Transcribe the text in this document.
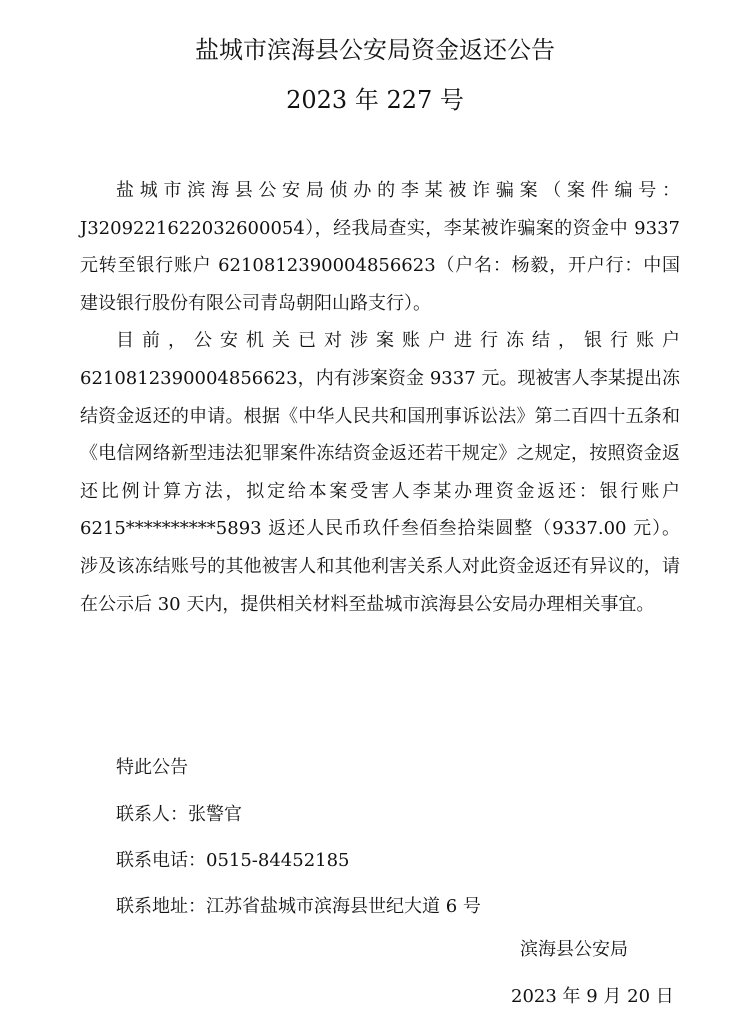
盐城市滨海县公安局资金返还公告
2023 年 227 号

盐城市滨海县公安局侦办的李某被诈骗案（案件编号：J3209221622032600054），经我局查实，李某被诈骗案的资金中 9337 元转至银行账户 6210812390004856623（户名：杨毅，开户行：中国建设银行股份有限公司青岛朝阳山路支行）。

目前，公安机关已对涉案账户进行冻结，银行账户 6210812390004856623，内有涉案资金 9337 元。现被害人李某提出冻结资金返还的申请。根据《中华人民共和国刑事诉讼法》第二百四十五条和《电信网络新型违法犯罪案件冻结资金返还若干规定》之规定，按照资金返还比例计算方法，拟定给本案受害人李某办理资金返还：银行账户 6215**********5893 返还人民币玖仟叁佰叁拾柒圆整（9337.00 元）。涉及该冻结账号的其他被害人和其他利害关系人对此资金返还有异议的，请在公示后 30 天内，提供相关材料至盐城市滨海县公安局办理相关事宜。

特此公告
联系人：张警官
联系电话：0515-84452185
联系地址：江苏省盐城市滨海县世纪大道 6 号
滨海县公安局
2023 年 9 月 20 日
